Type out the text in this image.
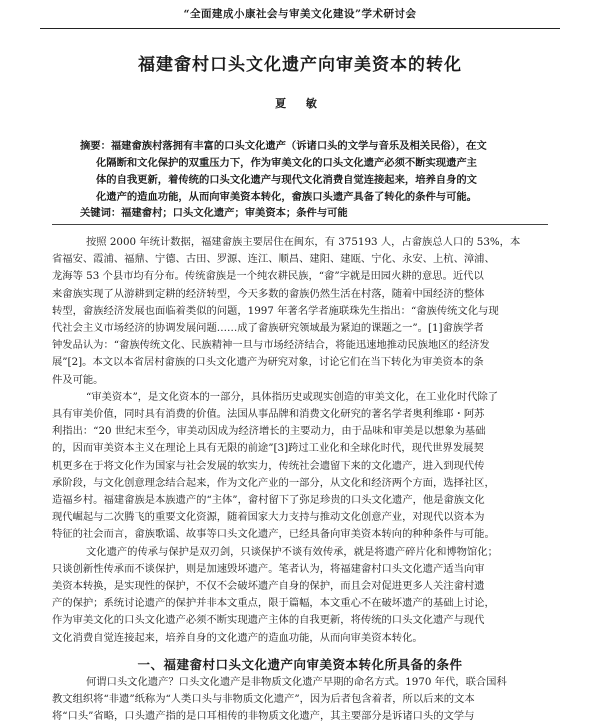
“全面建成小康社会与审美文化建设”学术研讨会
福建畲村口头文化遗产向审美资本的转化
夏 敏
摘要：福建畲族村落拥有丰富的口头文化遗产（诉诸口头的文学与音乐及相关民俗），在文
化隔断和文化保护的双重压力下，作为审美文化的口头文化遗产必须不断实现遗产主
体的自我更新，着传统的口头文化遗产与现代文化消费自觉连接起来，培养自身的文
化遗产的造血功能，从而向审美资本转化，畲族口头遗产具备了转化的条件与可能。
关键词：福建畲村；口头文化遗产；审美资本；条件与可能
按照 2000 年统计数据，福建畲族主要居住在闽东，有 375193 人，占畲族总人口的 53%，本
省福安、霞浦、福鼎、宁德、古田、罗源、连江、顺昌、建阳、建瓯、宁化、永安、上杭、漳浦、
龙海等 53 个县市均有分布。传统畲族是一个纯农耕民族，“畲”字就是田园火耕的意思。近代以
来畲族实现了从游耕到定耕的经济转型，今天多数的畲族仍然生活在村落，随着中国经济的整体
转型，畲族经济发展也面临着类似的问题，1997 年著名学者施联珠先生指出：“畲族传统文化与现
代社会主义市场经济的协调发展问题……成了畲族研究领域最为紧迫的课题之一”。[1]畲族学者
钟发品认为：“畲族传统文化、民族精神一旦与市场经济结合，将能迅速地推动民族地区的经济发
展”[2]。本文以本省居村畲族的口头文化遗产为研究对象，讨论它们在当下转化为审美资本的条
件及可能。
“审美资本”，是文化资本的一部分，具体指历史或现实创造的审美文化，在工业化时代除了
具有审美价值，同时具有消费的价值。法国从事品牌和消费文化研究的著名学者奥利维耶・阿苏
利指出：“20 世纪末至今，审美动因成为经济增长的主要动力，由于品味和审美是以想象为基础
的，因而审美资本主义在理论上具有无限的前途”[3]跨过工业化和全球化时代，现代世界发展契
机更多在于将文化作为国家与社会发展的软实力，传统社会遗留下来的文化遗产，进入到现代传
承阶段，与文化创意理念结合起来，作为文化产业的一部分，从文化和经济两个方面，选择社区，
造福乡村。福建畲族是本族遗产的“主体”，畲村留下了弥足珍贵的口头文化遗产，他是畲族文化
现代崛起与二次腾飞的重要文化资源，随着国家大力支持与推动文化创意产业，对现代以资本为
特征的社会而言，畲族歌谣、故事等口头文化遗产，已经具备向审美资本转向的种种条件与可能。
文化遗产的传承与保护是双刃剑，只谈保护不谈有效传承，就是将遗产碎片化和博物馆化；
只谈创新性传承而不谈保护，则是加速毁坏遗产。笔者认为，将福建畲村口头文化遗产适当向审
美资本转换，是实现性的保护，不仅不会破坏遗产自身的保护，而且会对促进更多人关注畲村遗
产的保护；系统讨论遗产的保护并非本文重点，限于篇幅，本文重心不在破坏遗产的基础上讨论，
作为审美文化的口头文化遗产必须不断实现遗产主体的自我更新，将传统的口头文化遗产与现代
文化消费自觉连接起来，培养自身的文化遗产的造血功能，从而向审美资本转化。
一、福建畲村口头文化遗产向审美资本转化所具备的条件
何谓口头文化遗产？口头文化遗产是非物质文化遗产早期的命名方式。1970 年代，联合国科
教文组织将“非遗”纸称为“人类口头与非物质文化遗产”，因为后者包含着者，所以后来的文本
将“口头”省略，口头遗产指的是口耳相传的非物质文化遗产，其主要部分是诉诸口头的文学与
